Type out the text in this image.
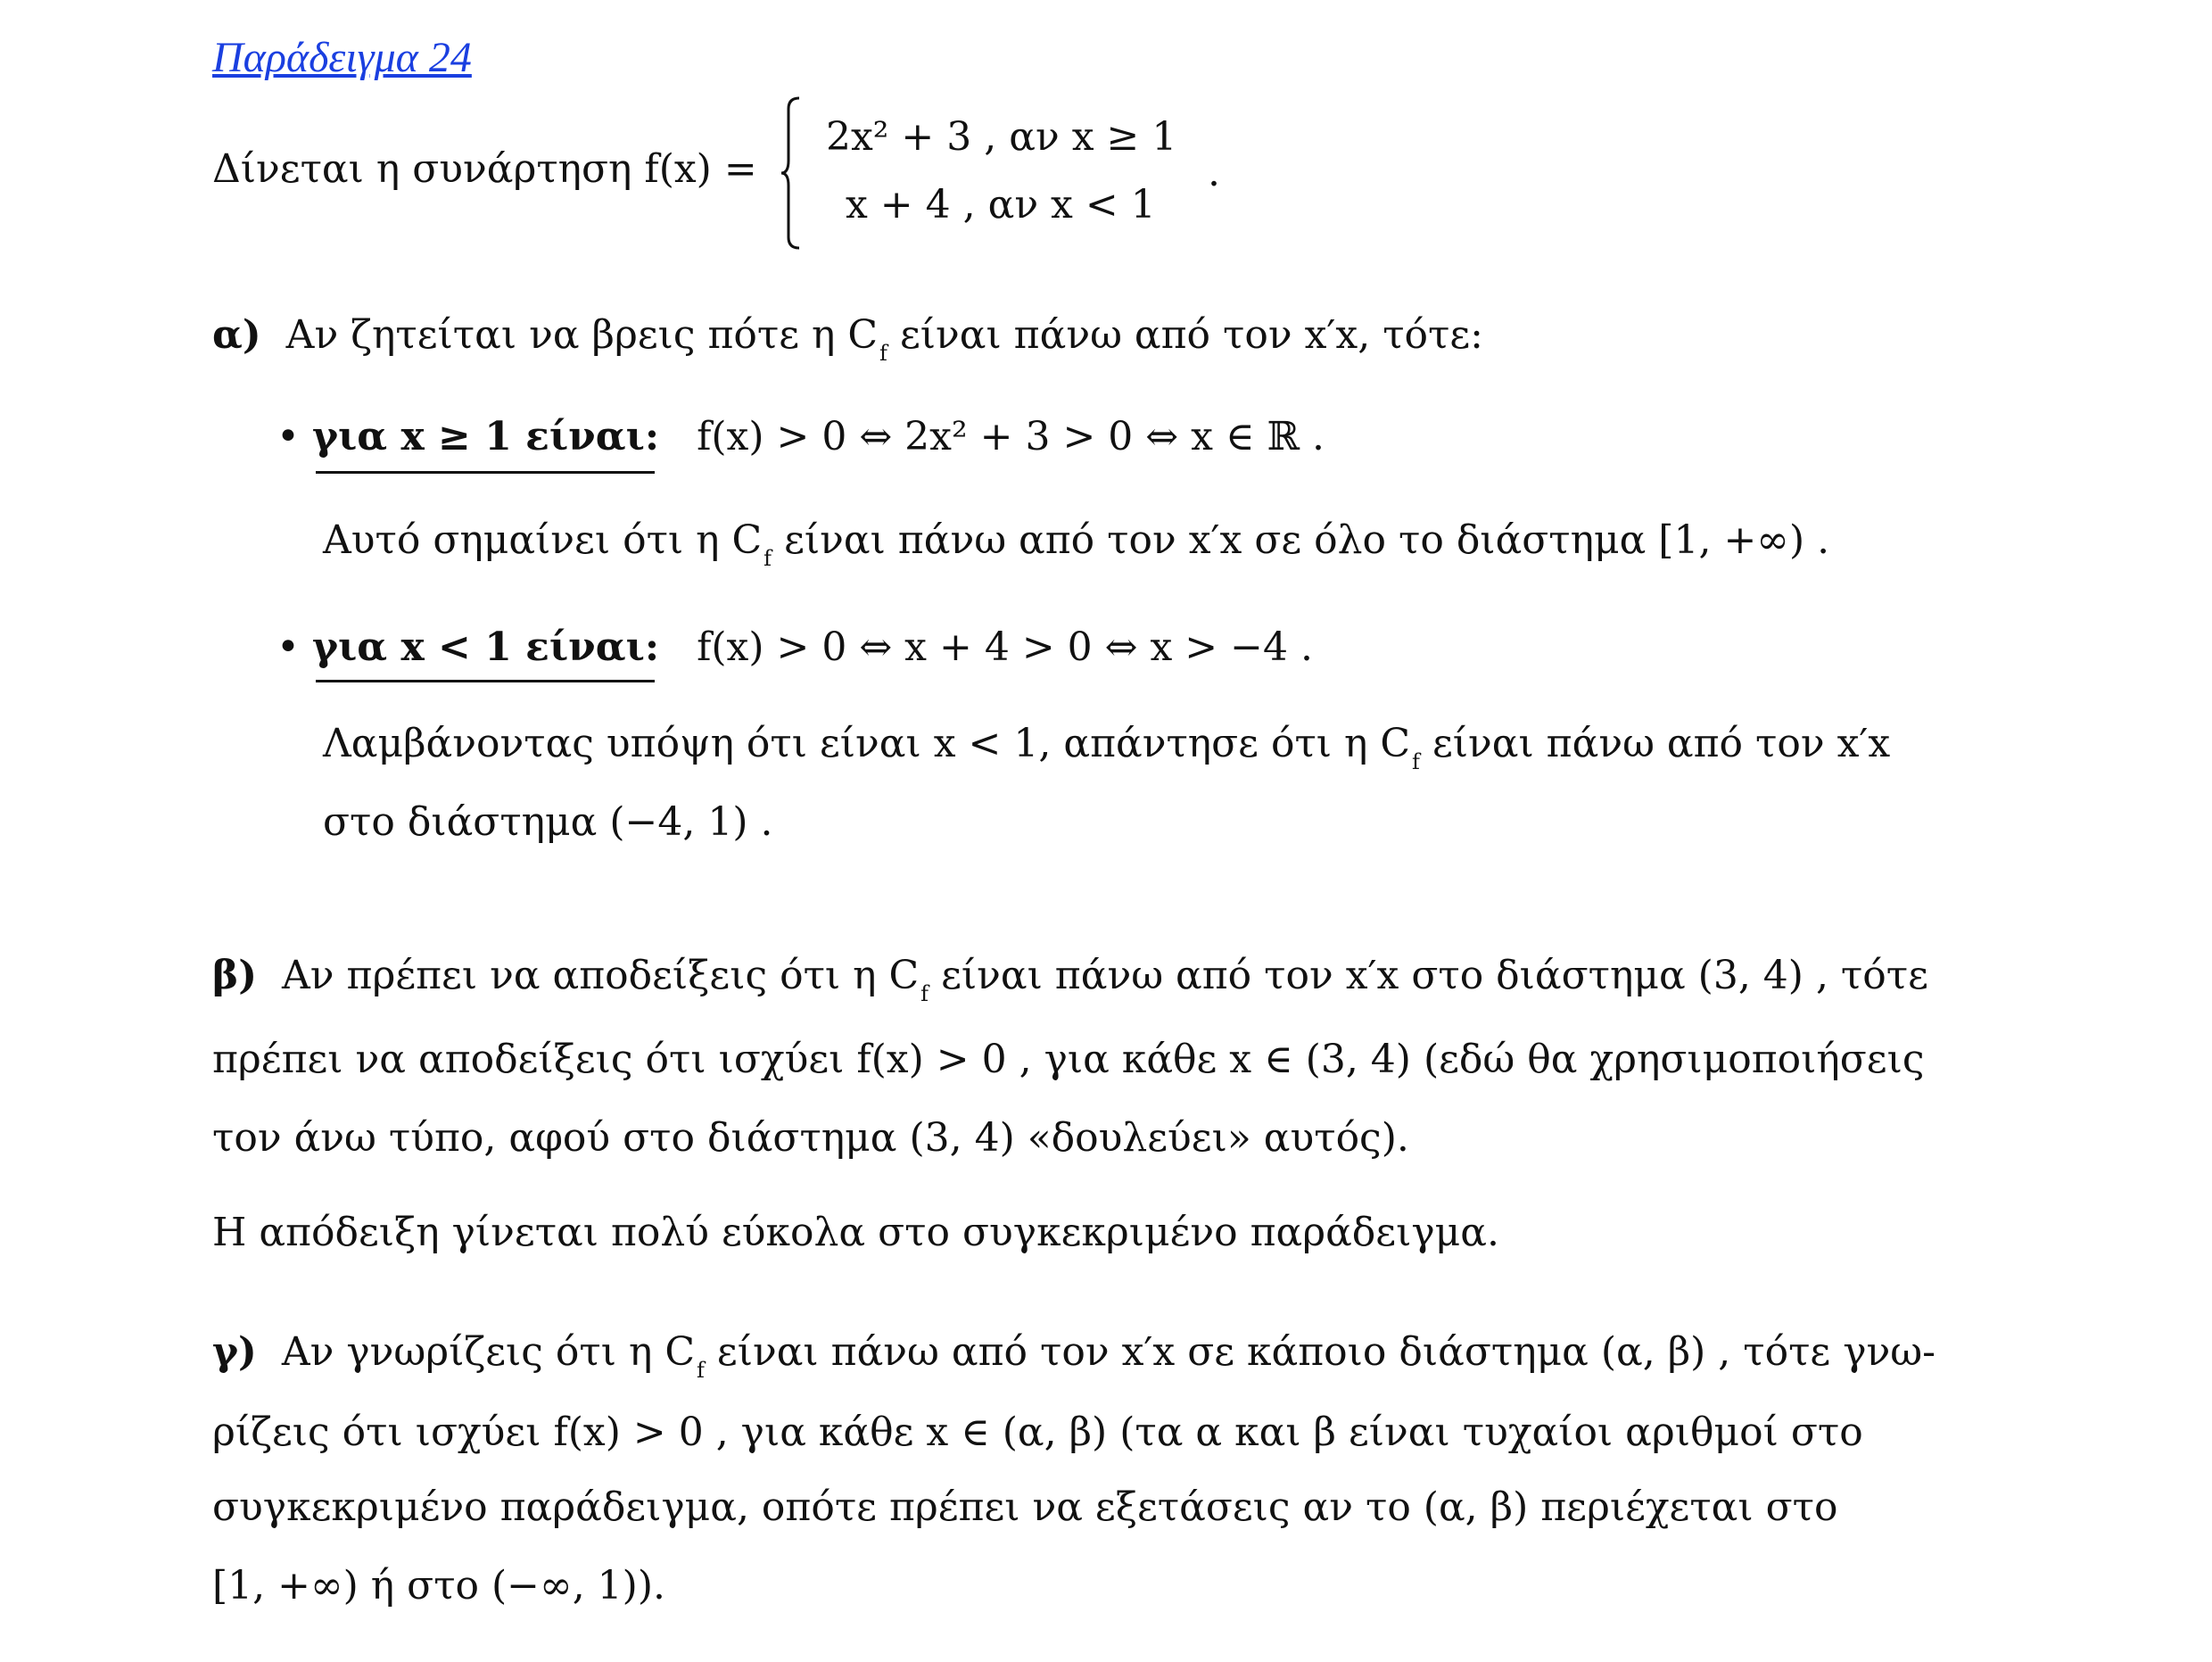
Παράδειγμα 24
Δίνεται η συνάρτηση f(x) =
2x² + 3 , αν x ≥ 1
x + 4 , αν x < 1
.
α) Αν ζητείται να βρεις πότε η $C_f$ είναι πάνω από τον x′x, τότε:
• για x ≥ 1 είναι: f(x) > 0 ⇔ 2x² + 3 > 0 ⇔ x ∈ ℝ .
Αυτό σημαίνει ότι η $C_f$ είναι πάνω από τον x′x σε όλο το διάστημα [1, +∞) .
• για x < 1 είναι: f(x) > 0 ⇔ x + 4 > 0 ⇔ x > −4 .
Λαμβάνοντας υπόψη ότι είναι x < 1, απάντησε ότι η $C_f$ είναι πάνω από τον x′x
στο διάστημα (−4, 1) .
β) Αν πρέπει να αποδείξεις ότι η $C_f$ είναι πάνω από τον x′x στο διάστημα (3, 4) , τότε
πρέπει να αποδείξεις ότι ισχύει f(x) > 0 , για κάθε x ∈ (3, 4) (εδώ θα χρησιμοποιήσεις
τον άνω τύπο, αφού στο διάστημα (3, 4) «δουλεύει» αυτός).
Η απόδειξη γίνεται πολύ εύκολα στο συγκεκριμένο παράδειγμα.
γ) Αν γνωρίζεις ότι η $C_f$ είναι πάνω από τον x′x σε κάποιο διάστημα (α, β) , τότε γνω-
ρίζεις ότι ισχύει f(x) > 0 , για κάθε x ∈ (α, β) (τα α και β είναι τυχαίοι αριθμοί στο
συγκεκριμένο παράδειγμα, οπότε πρέπει να εξετάσεις αν το (α, β) περιέχεται στο
[1, +∞) ή στο (−∞, 1)).
